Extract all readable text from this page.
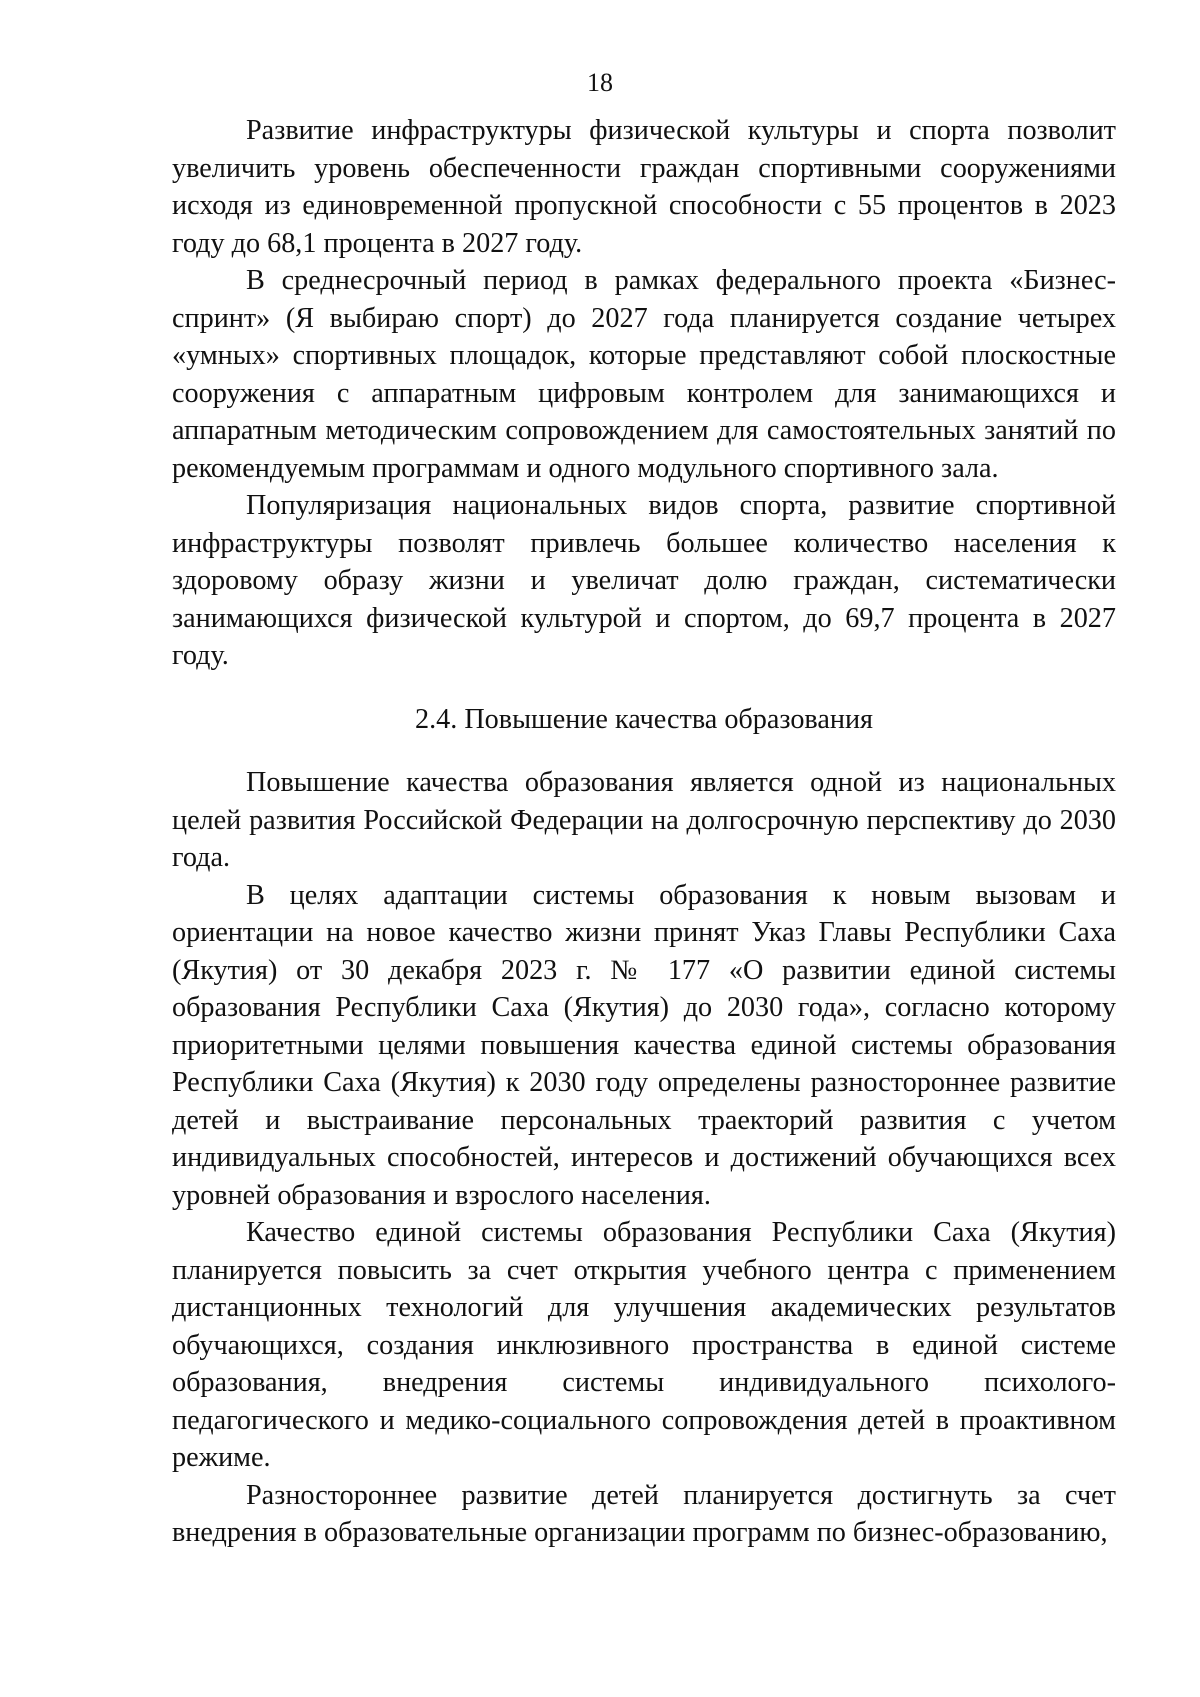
18

Развитие инфраструктуры физической культуры и спорта позволит увеличить уровень обеспеченности граждан спортивными сооружениями исходя из единовременной пропускной способности с 55 процентов в 2023 году до 68,1 процента в 2027 году.

В среднесрочный период в рамках федерального проекта «Бизнес-спринт» (Я выбираю спорт) до 2027 года планируется создание четырех «умных» спортивных площадок, которые представляют собой плоскостные сооружения с аппаратным цифровым контролем для занимающихся и аппаратным методическим сопровождением для самостоятельных занятий по рекомендуемым программам и одного модульного спортивного зала.

Популяризация национальных видов спорта, развитие спортивной инфраструктуры позволят привлечь большее количество населения к здоровому образу жизни и увеличат долю граждан, систематически занимающихся физической культурой и спортом, до 69,7 процента в 2027 году.

2.4. Повышение качества образования

Повышение качества образования является одной из национальных целей развития Российской Федерации на долгосрочную перспективу до 2030 года.

В целях адаптации системы образования к новым вызовам и ориентации на новое качество жизни принят Указ Главы Республики Саха (Якутия) от 30 декабря 2023 г. № 177 «О развитии единой системы образования Республики Саха (Якутия) до 2030 года», согласно которому приоритетными целями повышения качества единой системы образования Республики Саха (Якутия) к 2030 году определены разностороннее развитие детей и выстраивание персональных траекторий развития с учетом индивидуальных способностей, интересов и достижений обучающихся всех уровней образования и взрослого населения.

Качество единой системы образования Республики Саха (Якутия) планируется повысить за счет открытия учебного центра с применением дистанционных технологий для улучшения академических результатов обучающихся, создания инклюзивного пространства в единой системе образования, внедрения системы индивидуального психолого-педагогического и медико-социального сопровождения детей в проактивном режиме.

Разностороннее развитие детей планируется достигнуть за счет внедрения в образовательные организации программ по бизнес-образованию,
